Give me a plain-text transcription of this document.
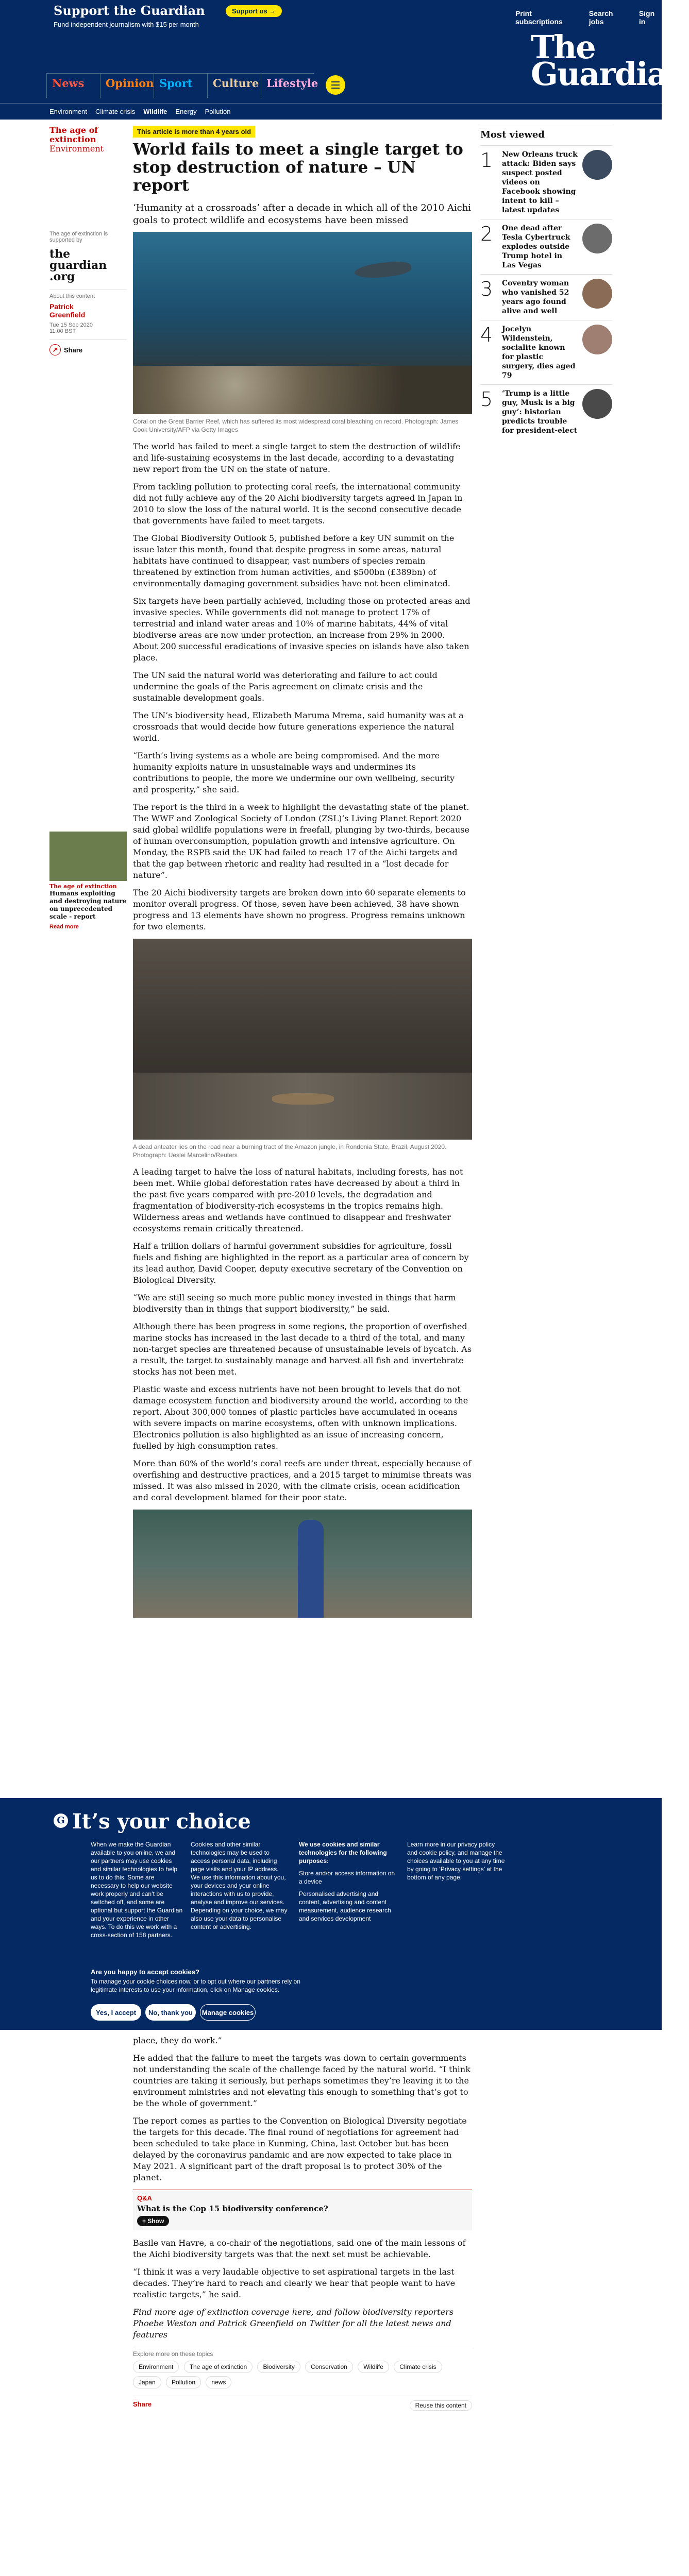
Support the Guardian
Fund independent journalism with $15 per month
Support us →	Print subscriptions
Search jobs
Sign in
The
Guardian
News	Opinion Sport	Culture Lifestyle
Environment Climate crisis Wildlife Energy Pollution
The age of extinction
Environment
The age of extinction is supported by
the guardian .org
About this content
Patrick Greenfield
Tue 15 Sep 2020 11.00 BST
↗ Share
The age of extinction
Humans exploiting and destroying nature on unprecedented scale - report
Read more
This article is more than 4 years old
World fails to meet a single target to stop destruction of nature – UN report
‘Humanity at a crossroads’ after a decade in which all of the 2010 Aichi goals to protect wildlife and ecosystems have been missed
Coral on the Great Barrier Reef, which has suffered its most widespread coral bleaching on record. Photograph: James Cook University/AFP via Getty Images

The world has failed to meet a single target to stem the destruction of wildlife and life-sustaining ecosystems in the last decade, according to a devastating new report from the UN on the state of nature.

From tackling pollution to protecting coral reefs, the international community did not fully achieve any of the 20 Aichi biodiversity targets agreed in Japan in 2010 to slow the loss of the natural world. It is the second consecutive decade that governments have failed to meet targets.

The Global Biodiversity Outlook 5, published before a key UN summit on the issue later this month, found that despite progress in some areas, natural habitats have continued to disappear, vast numbers of species remain threatened by extinction from human activities, and $500bn (£389bn) of environmentally damaging government subsidies have not been eliminated.

Six targets have been partially achieved, including those on protected areas and invasive species. While governments did not manage to protect 17% of terrestrial and inland water areas and 10% of marine habitats, 44% of vital biodiverse areas are now under protection, an increase from 29% in 2000. About 200 successful eradications of invasive species on islands have also taken place.

The UN said the natural world was deteriorating and failure to act could undermine the goals of the Paris agreement on climate crisis and the sustainable development goals.

The UN’s biodiversity head, Elizabeth Maruma Mrema, said humanity was at a crossroads that would decide how future generations experience the natural world.

“Earth’s living systems as a whole are being compromised. And the more humanity exploits nature in unsustainable ways and undermines its contributions to people, the more we undermine our own wellbeing, security and prosperity,” she said.

The report is the third in a week to highlight the devastating state of the planet. The WWF and Zoological Society of London (ZSL)’s Living Planet Report 2020 said global wildlife populations were in freefall, plunging by two-thirds, because of human overconsumption, population growth and intensive agriculture. On Monday, the RSPB said the UK had failed to reach 17 of the Aichi targets and that the gap between rhetoric and reality had resulted in a “lost decade for nature”.

The 20 Aichi biodiversity targets are broken down into 60 separate elements to monitor overall progress. Of those, seven have been achieved, 38 have shown progress and 13 elements have shown no progress. Progress remains unknown for two elements.

A dead anteater lies on the road near a burning tract of the Amazon jungle, in Rondonia State, Brazil, August 2020. Photograph: Ueslei Marcelino/Reuters

A leading target to halve the loss of natural habitats, including forests, has not been met. While global deforestation rates have decreased by about a third in the past five years compared with pre-2010 levels, the degradation and fragmentation of biodiversity-rich ecosystems in the tropics remains high. Wilderness areas and wetlands have continued to disappear and freshwater ecosystems remain critically threatened.

Half a trillion dollars of harmful government subsidies for agriculture, fossil fuels and fishing are highlighted in the report as a particular area of concern by its lead author, David Cooper, deputy executive secretary of the Convention on Biological Diversity.

“We are still seeing so much more public money invested in things that harm biodiversity than in things that support biodiversity,” he said.

Although there has been progress in some regions, the proportion of overfished marine stocks has increased in the last decade to a third of the total, and many non-target species are threatened because of unsustainable levels of bycatch. As a result, the target to sustainably manage and harvest all fish and invertebrate stocks has not been met.

Plastic waste and excess nutrients have not been brought to levels that do not damage ecosystem function and biodiversity around the world, according to the report. About 300,000 tonnes of plastic particles have accumulated in oceans with severe impacts on marine ecosystems, often with unknown implications. Electronics pollution is also highlighted as an issue of increasing concern, fuelled by high consumption rates.

More than 60% of the world’s coral reefs are under threat, especially because of overfishing and destructive practices, and a 2015 target to minimise threats was missed. It was also missed in 2020, with the climate crisis, ocean acidification and coral development blamed for their poor state.

Most viewed
1	New Orleans truck attack: Biden says suspect posted videos on Facebook showing intent to kill – latest updates
2	One dead after Tesla Cybertruck explodes outside Trump hotel in Las Vegas
3	Coventry woman who vanished 52 years ago found alive and well
4	Jocelyn Wildenstein, socialite known for plastic surgery, dies aged 79
5	‘Trump is a little guy, Musk is a big guy’: historian predicts trouble for president-elect
G It’s your choice
When we make the Guardian available to you online, we and our partners may use cookies and similar technologies to help us to do this. Some are necessary to help our website work properly and can’t be switched off, and some are optional but support the Guardian and your experience in other ways. To do this we work with a cross-section of 158 partners.
Cookies and other similar technologies may be used to access personal data, including page visits and your IP address. We use this information about you, your devices and your online interactions with us to provide, analyse and improve our services. Depending on your choice, we may also use your data to personalise content or advertising.
We use cookies and similar technologies for the following purposes:
Store and/or access information on a device
Personalised advertising and content, advertising and content measurement, audience research and services development
Learn more in our privacy policy and cookie policy, and manage the choices available to you at any time by going to ‘Privacy settings’ at the bottom of any page.
Are you happy to accept cookies?
To manage your cookie choices now, or to opt out where our partners rely on legitimate interests to use your information, click on Manage cookies.
Yes, I accept	No, thank you	Manage cookies

place, they do work.”

He added that the failure to meet the targets was down to certain governments not understanding the scale of the challenge faced by the natural world. “I think countries are taking it seriously, but perhaps sometimes they’re leaving it to the environment ministries and not elevating this enough to something that’s got to be the whole of government.”

The report comes as parties to the Convention on Biological Diversity negotiate the targets for this decade. The final round of negotiations for agreement had been scheduled to take place in Kunming, China, last October but has been delayed by the coronavirus pandamic and are now expected to take place in May 2021. A significant part of the draft proposal is to protect 30% of the planet.

Q&A
What is the Cop 15 biodiversity conference?
+ Show

Basile van Havre, a co-chair of the negotiations, said one of the main lessons of the Aichi biodiversity targets was that the next set must be achievable.

“I think it was a very laudable objective to set aspirational targets in the last decades. They’re hard to reach and clearly we hear that people want to have realistic targets,” he said.

Find more age of extinction coverage here, and follow biodiversity reporters Phoebe Weston and Patrick Greenfield on Twitter for all the latest news and features

Explore more on these topics
Environment	The age of extinction	Biodiversity	Conservation	Wildlife	Climate crisis Japan	Pollution	news
Share	Reuse this content
